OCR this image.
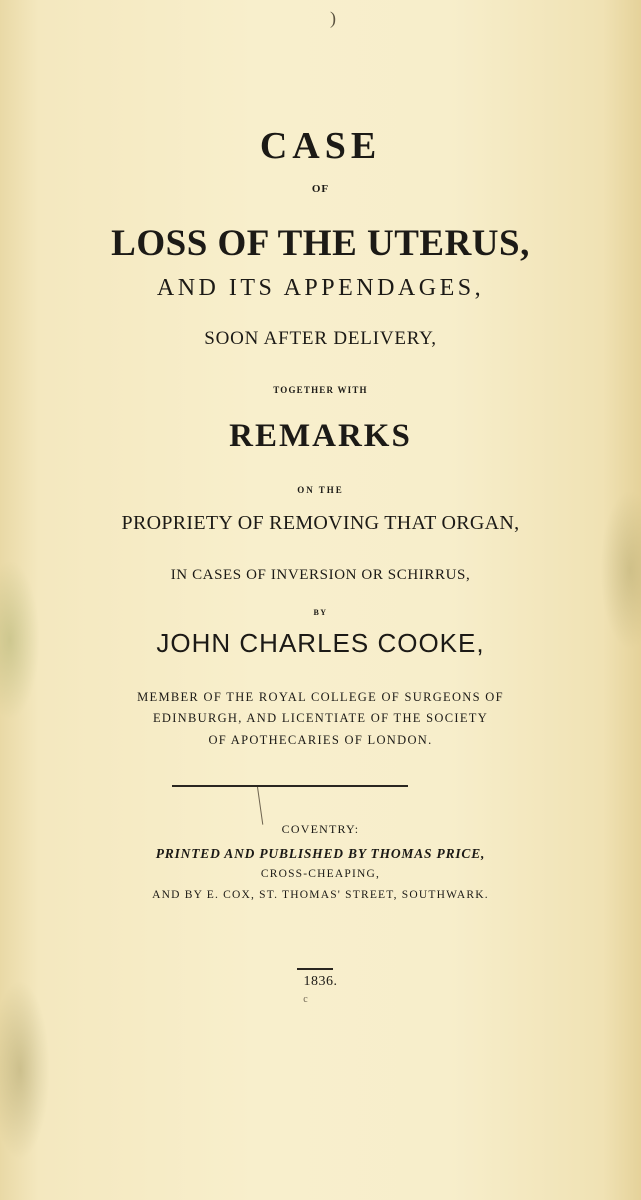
)
CASE
OF
LOSS OF THE UTERUS,
AND ITS APPENDAGES,
SOON AFTER DELIVERY,
TOGETHER WITH
REMARKS
ON THE
PROPRIETY OF REMOVING THAT ORGAN,
IN CASES OF INVERSION OR SCHIRRUS,
BY
JOHN CHARLES COOKE,
MEMBER OF THE ROYAL COLLEGE OF SURGEONS OF
EDINBURGH, AND LICENTIATE OF THE SOCIETY
OF APOTHECARIES OF LONDON.
COVENTRY:
PRINTED AND PUBLISHED BY THOMAS PRICE,
CROSS-CHEAPING,
AND BY E. COX, ST. THOMAS' STREET, SOUTHWARK.
1836.
c
